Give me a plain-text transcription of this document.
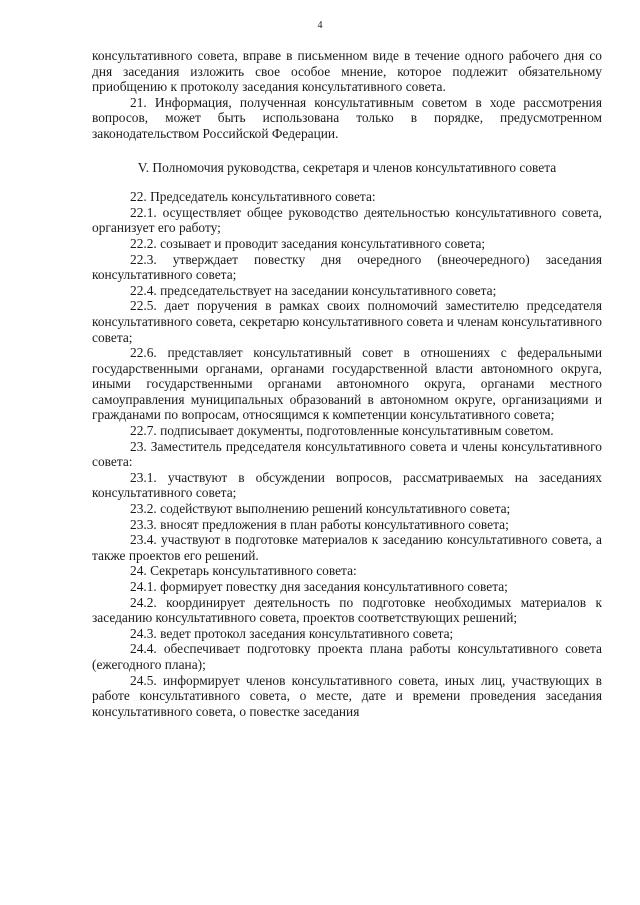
4

консультативного совета, вправе в письменном виде в течение одного рабочего дня со дня заседания изложить свое особое мнение, которое подлежит обязательному приобщению к протоколу заседания консультативного совета.

21. Информация, полученная консультативным советом в ходе рассмотрения вопросов, может быть использована только в порядке, предусмотренном законодательством Российской Федерации.

V. Полномочия руководства, секретаря и членов консультативного совета

22. Председатель консультативного совета:

22.1. осуществляет общее руководство деятельностью консультативного совета, организует его работу;

22.2. созывает и проводит заседания консультативного совета;

22.3. утверждает повестку дня очередного (внеочередного) заседания консультативного совета;

22.4. председательствует на заседании консультативного совета;

22.5. дает поручения в рамках своих полномочий заместителю председателя консультативного совета, секретарю консультативного совета и членам консультативного совета;

22.6. представляет консультативный совет в отношениях с федеральными государственными органами, органами государственной власти автономного округа, иными государственными органами автономного округа, органами местного самоуправления муниципальных образований в автономном округе, организациями и гражданами по вопросам, относящимся к компетенции консультативного совета;

22.7. подписывает документы, подготовленные консультативным советом.

23. Заместитель председателя консультативного совета и члены консультативного совета:

23.1. участвуют в обсуждении вопросов, рассматриваемых на заседаниях консультативного совета;

23.2. содействуют выполнению решений консультативного совета;

23.3. вносят предложения в план работы консультативного совета;

23.4. участвуют в подготовке материалов к заседанию консультативного совета, а также проектов его решений.

24. Секретарь консультативного совета:

24.1. формирует повестку дня заседания консультативного совета;

24.2. координирует деятельность по подготовке необходимых материалов к заседанию консультативного совета, проектов соответствующих решений;

24.3. ведет протокол заседания консультативного совета;

24.4. обеспечивает подготовку проекта плана работы консультативного совета (ежегодного плана);

24.5. информирует членов консультативного совета, иных лиц, участвующих в работе консультативного совета, о месте, дате и времени проведения заседания консультативного совета, о повестке заседания
